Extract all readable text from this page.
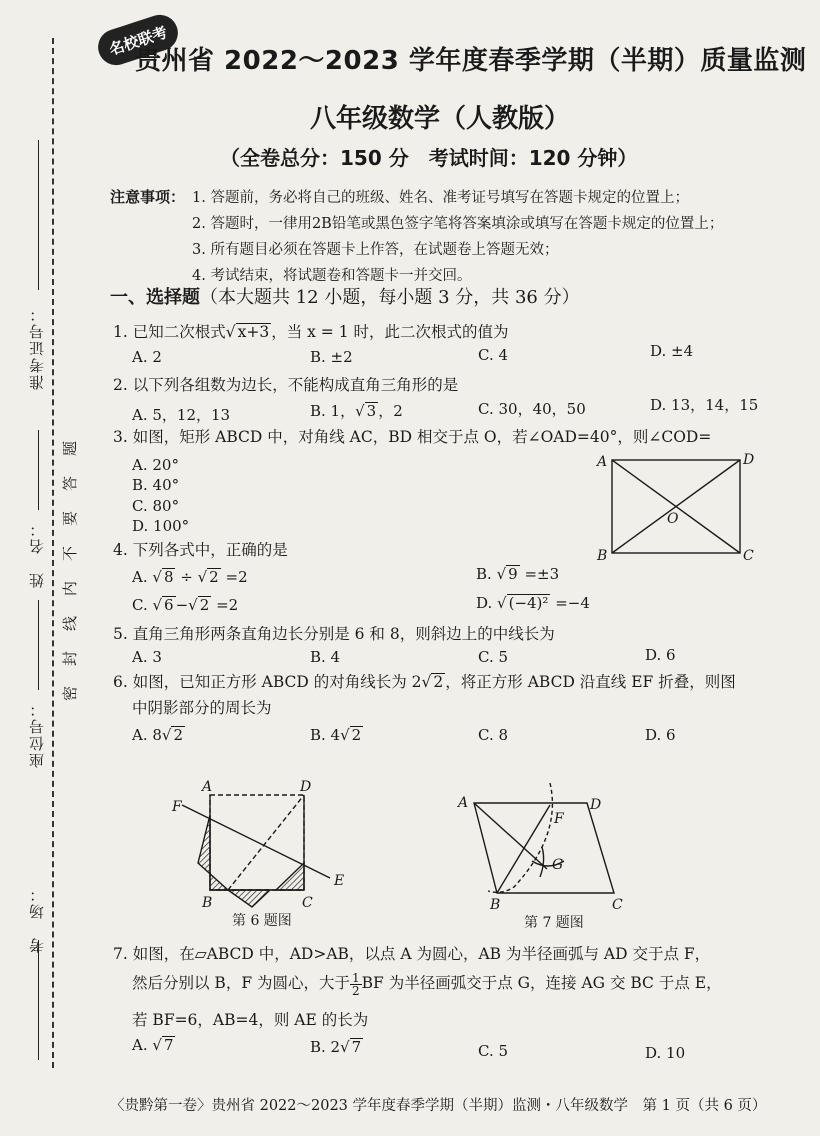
准考证号：
姓　名：
座位号：
考　场：
题
答
要
不
内
线
封
密
名校联考
贵州省 2022～2023 学年度春季学期（半期）质量监测
八年级数学（人教版）
（全卷总分：150 分　考试时间：120 分钟）
注意事项： 1. 答题前，务必将自己的班级、姓名、准考证号填写在答题卡规定的位置上；
2. 答题时，一律用2B铅笔或黑色签字笔将答案填涂或填写在答题卡规定的位置上；
3. 所有题目必须在答题卡上作答，在试题卷上答题无效；
4. 考试结束，将试题卷和答题卡一并交回。
一、选择题（本大题共 12 小题，每小题 3 分，共 36 分）
1. 已知二次根式√ x+3 ，当 x = 1 时，此二次根式的值为
A. 2	B. ±2	C. 4	D. ±4
2. 以下列各组数为边长，不能构成直角三角形的是
A. 5，12，13	B. 1，√ 3 ，2	C. 30，40，50	D. 13，14，15
3. 如图，矩形 ABCD 中，对角线 AC，BD 相交于点 O，若∠OAD=40°，则∠COD=
A. 20°
B. 40°
C. 80°
D. 100°
A	D
O
B	C
4. 下列各式中，正确的是
A. √ 8 ÷ √ 2 =2	B. √ 9 =±3
C. √ 6 −√ 2 =2	D. √ (−4)² =−4
5. 直角三角形两条直角边长分别是 6 和 8，则斜边上的中线长为
A. 3	B. 4	C. 5	D. 6
6. 如图，已知正方形 ABCD 的对角线长为 2√ 2 ，将正方形 ABCD 沿直线 EF 折叠，则图
中阴影部分的周长为
A. 8√ 2	B. 4√ 2	C. 8	D. 6
A	D
F
E
B	C
第 6 题图
A	D
F
G
B	C
第 7 题图
7. 如图，在▱ABCD 中，AD>AB，以点 A 为圆心，AB 为半径画弧与 AD 交于点 F，
然后分别以 B，F 为圆心，大于 $\frac{1}{2}$ BF 为半径画弧交于点 G，连接 AG 交 BC 于点 E，
若 BF=6，AB=4，则 AE 的长为
A. √ 7	B. 2√ 7	C. 5	D. 10
〈贵黔第一卷〉贵州省 2022～2023 学年度春季学期（半期）监测・八年级数学　第 1 页（共 6 页）
